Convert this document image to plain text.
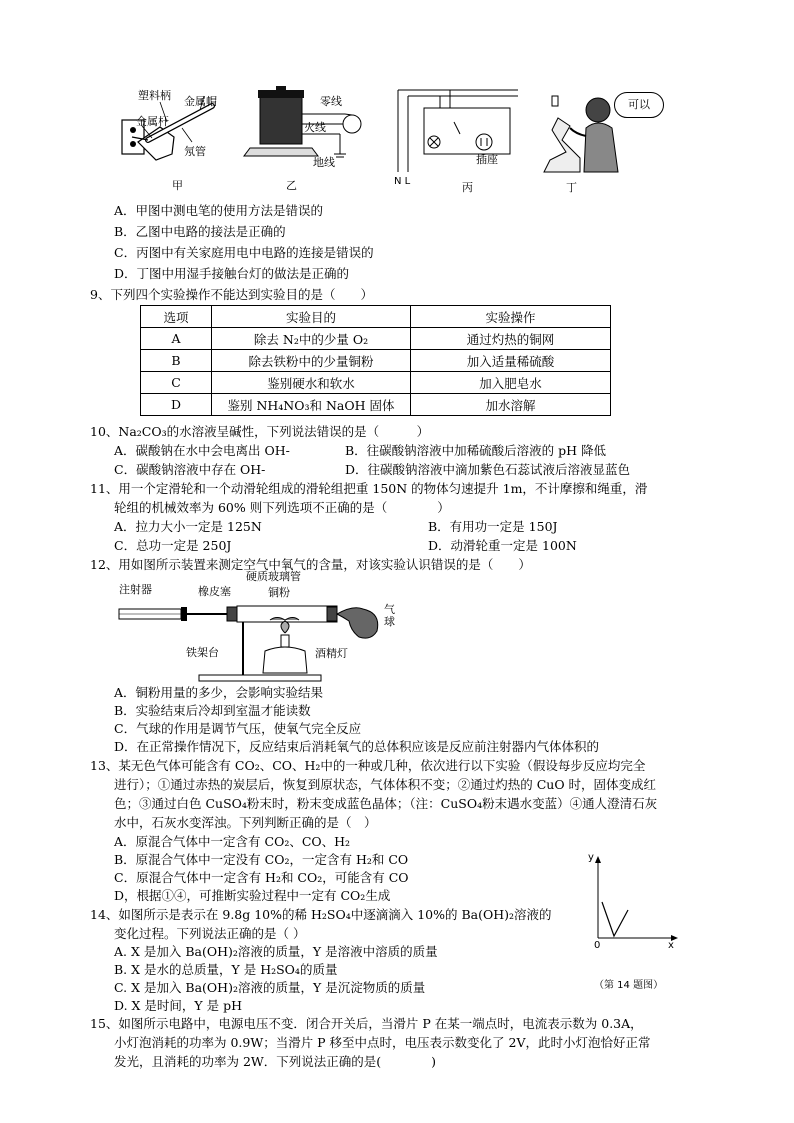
塑料柄 金属帽
金属杆
氖管
甲
零线
火线
地线
乙	N L
插座
丙
可以
丁
A．甲图中测电笔的使用方法是错误的
B．乙图中电路的接法是正确的
C．丙图中有关家庭用电中电路的连接是错误的
D．丁图中用湿手接触台灯的做法是正确的
9、下列四个实验操作不能达到实验目的是（　　）
选项	实验目的	实验操作
A	除去 N₂中的少量 O₂	通过灼热的铜网
B	除去铁粉中的少量铜粉	加入适量稀硫酸
C	鉴别硬水和软水	加入肥皂水
D	鉴别 NH₄NO₃和 NaOH 固体	加水溶解
10、Na₂CO₃的水溶液呈碱性，下列说法错误的是（　　　）
A．碳酸钠在水中会电离出 OH-	B．往碳酸钠溶液中加稀硫酸后溶液的 pH 降低
C．碳酸钠溶液中存在 OH-	D．往碳酸钠溶液中滴加紫色石蕊试液后溶液显蓝色
11、用一个定滑轮和一个动滑轮组成的滑轮组把重 150N 的物体匀速提升 1m，不计摩擦和绳重，滑
轮组的机械效率为 60% 则下列选项不正确的是（　　　　）
A．拉力大小一定是 125N	B．有用功一定是 150J
C．总功一定是 250J	D．动滑轮重一定是 100N
12、用如图所示装置来测定空气中氧气的含量，对该实验认识错误的是（　　）
注射器	橡皮塞
硬质玻璃管
铜粉
气
球
铁架台	酒精灯
A．铜粉用量的多少，会影响实验结果
B．实验结束后冷却到室温才能读数
C．气球的作用是调节气压，使氧气完全反应
D．在正常操作情况下，反应结束后消耗氧气的总体积应该是反应前注射器内气体体积的
13、某无色气体可能含有 CO₂、CO、H₂中的一种或几种，依次进行以下实验（假设每步反应均完全
进行）；①通过赤热的炭层后，恢复到原状态，气体体积不变；②通过灼热的 CuO 时，固体变成红
色；③通过白色 CuSO₄粉末时，粉末变成蓝色晶体；（注：CuSO₄粉末遇水变蓝）④通人澄清石灰
水中，石灰水变浑浊。下列判断正确的是（　）
A．原混合气体中一定含有 CO₂、CO、H₂
B．原混合气体中一定没有 CO₂，一定含有 H₂和 CO
C．原混合气体中一定含有 H₂和 CO₂，可能含有 CO
D，根据①④，可推断实验过程中一定有 CO₂生成
y
x
0
（第 14 题图）
14、如图所示是表示在 9.8g 10%的稀 H₂SO₄中逐滴滴入 10%的 Ba(OH)₂溶液的
变化过程。下列说法正确的是（ ）
A. X 是加入 Ba(OH)₂溶液的质量，Y 是溶液中溶质的质量
B. X 是水的总质量，Y 是 H₂SO₄的质量
C. X 是加入 Ba(OH)₂溶液的质量，Y 是沉淀物质的质量
D. X 是时间，Y 是 pH
15、如图所示电路中，电源电压不变．闭合开关后，当滑片 P 在某一端点时，电流表示数为 0.3A，
小灯泡消耗的功率为 0.9W；当滑片 P 移至中点时，电压表示数变化了 2V，此时小灯泡恰好正常
发光，且消耗的功率为 2W．下列说法正确的是(　　　　)
